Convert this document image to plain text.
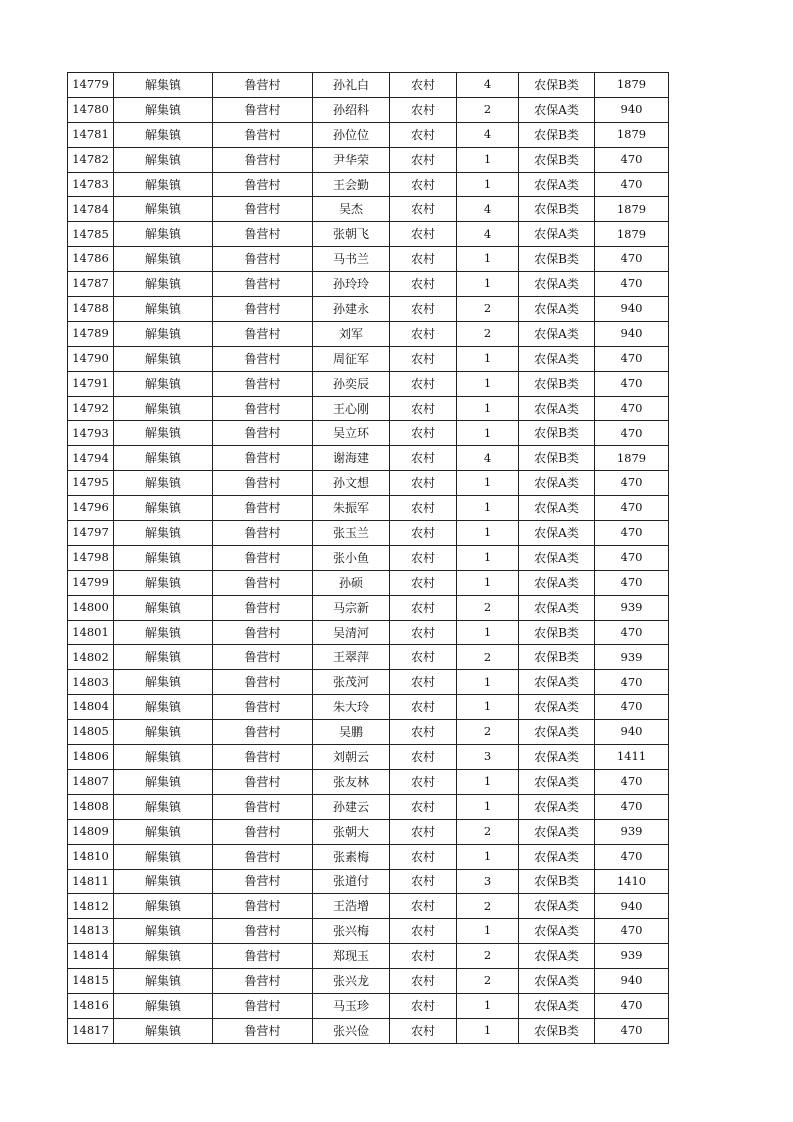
14779	解集镇	鲁营村	孙礼白	农村	4	农保B类	1879
14780	解集镇	鲁营村	孙绍科	农村	2	农保A类	940
14781	解集镇	鲁营村	孙位位	农村	4	农保B类	1879
14782	解集镇	鲁营村	尹华荣	农村	1	农保B类	470
14783	解集镇	鲁营村	王会勤	农村	1	农保A类	470
14784	解集镇	鲁营村	吴杰	农村	4	农保B类	1879
14785	解集镇	鲁营村	张朝飞	农村	4	农保A类	1879
14786	解集镇	鲁营村	马书兰	农村	1	农保B类	470
14787	解集镇	鲁营村	孙玲玲	农村	1	农保A类	470
14788	解集镇	鲁营村	孙建永	农村	2	农保A类	940
14789	解集镇	鲁营村	刘军	农村	2	农保A类	940
14790	解集镇	鲁营村	周征军	农村	1	农保A类	470
14791	解集镇	鲁营村	孙奕辰	农村	1	农保B类	470
14792	解集镇	鲁营村	王心刚	农村	1	农保A类	470
14793	解集镇	鲁营村	吴立环	农村	1	农保B类	470
14794	解集镇	鲁营村	谢海建	农村	4	农保B类	1879
14795	解集镇	鲁营村	孙文想	农村	1	农保A类	470
14796	解集镇	鲁营村	朱振军	农村	1	农保A类	470
14797	解集镇	鲁营村	张玉兰	农村	1	农保A类	470
14798	解集镇	鲁营村	张小鱼	农村	1	农保A类	470
14799	解集镇	鲁营村	孙硕	农村	1	农保A类	470
14800	解集镇	鲁营村	马宗新	农村	2	农保A类	939
14801	解集镇	鲁营村	吴清河	农村	1	农保B类	470
14802	解集镇	鲁营村	王翠萍	农村	2	农保B类	939
14803	解集镇	鲁营村	张茂河	农村	1	农保A类	470
14804	解集镇	鲁营村	朱大玲	农村	1	农保A类	470
14805	解集镇	鲁营村	吴鹏	农村	2	农保A类	940
14806	解集镇	鲁营村	刘朝云	农村	3	农保A类	1411
14807	解集镇	鲁营村	张友林	农村	1	农保A类	470
14808	解集镇	鲁营村	孙建云	农村	1	农保A类	470
14809	解集镇	鲁营村	张朝大	农村	2	农保A类	939
14810	解集镇	鲁营村	张素梅	农村	1	农保A类	470
14811	解集镇	鲁营村	张道付	农村	3	农保B类	1410
14812	解集镇	鲁营村	王浩增	农村	2	农保A类	940
14813	解集镇	鲁营村	张兴梅	农村	1	农保A类	470
14814	解集镇	鲁营村	郑现玉	农村	2	农保A类	939
14815	解集镇	鲁营村	张兴龙	农村	2	农保A类	940
14816	解集镇	鲁营村	马玉珍	农村	1	农保A类	470
14817	解集镇	鲁营村	张兴俭	农村	1	农保B类	470
